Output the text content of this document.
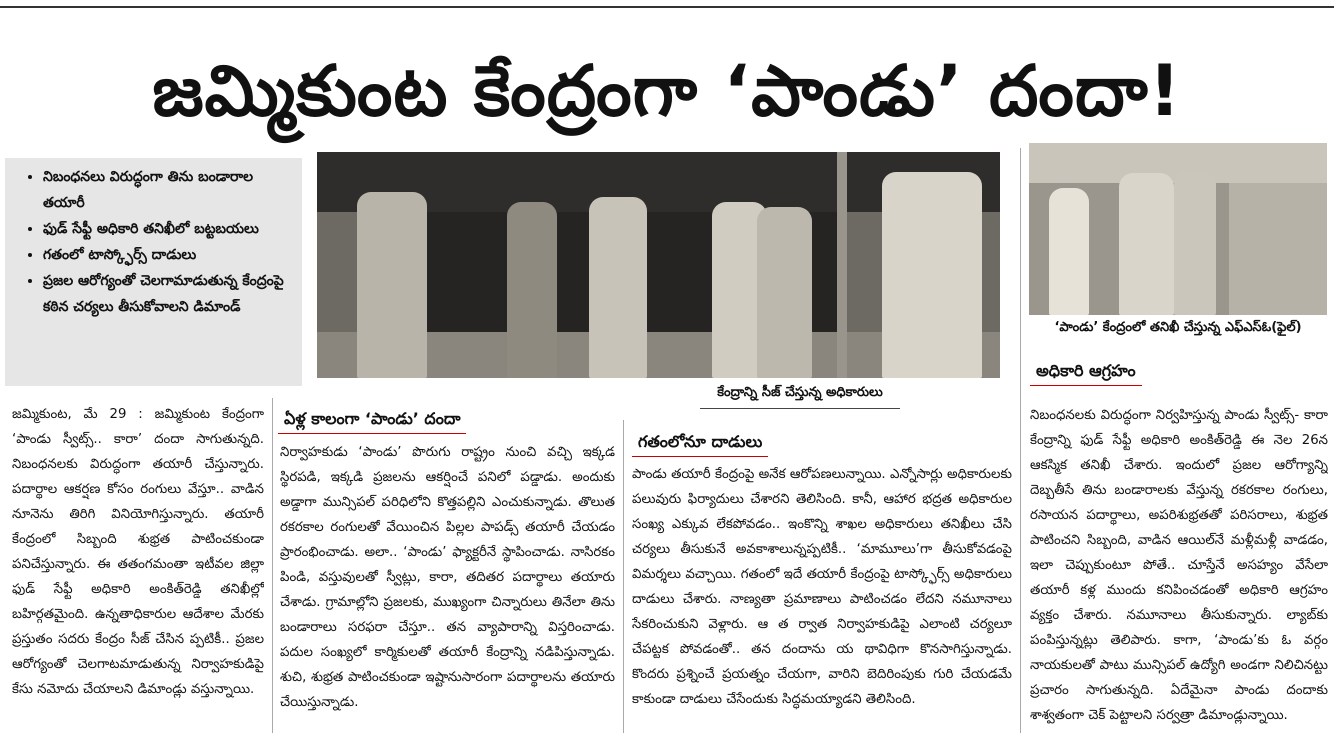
జమ్మికుంట కేంద్రంగా ‘పాండు’ దందా!
• నిబంధనలు విరుద్ధంగా తిను బండారాల తయారీ
• ఫుడ్ సేఫ్టీ అధికారి తనిఖీలో బట్టబయలు
• గతంలో టాస్క్ఫోర్స్ దాడులు
• ప్రజల ఆరోగ్యంతో చెలగామాడుతున్న కేంద్రంపై కఠిన చర్యలు తీసుకోవాలని డిమాండ్
కేంద్రాన్ని సీజ్ చేస్తున్న అధికారులు
‘పాండు’ కేంద్రంలో తనిఖీ చేస్తున్న ఎఫ్ఎస్ఓ(ఫైల్)
ఏళ్ల కాలంగా ‘పాండు’ దందా
గతంలోనూ దాడులు
అధికారి ఆగ్రహం

జమ్మికుంట, మే 29 : జమ్మికుంట కేంద్రంగా ‘పాండు స్వీట్స్.. కారా’ దందా సాగుతున్నది. నిబంధనలకు విరుద్ధంగా తయారీ చేస్తున్నారు. పదార్థాల ఆకర్షణ కోసం రంగులు వేస్తూ.. వాడిన నూనెను తిరిగి వినియోగిస్తున్నారు. తయారీ కేంద్రంలో సిబ్బంది శుభ్రత పాటించకుండా పనిచేస్తున్నారు. ఈ తతంగమంతా ఇటీవల జిల్లా ఫుడ్ సేఫ్టీ అధికారి అంకిత్‌రెడ్డి తనిఖీల్లో బహిర్గతమైంది. ఉన్నతాధికారుల ఆదేశాల మేరకు ప్రస్తుతం సదరు కేంద్రం సీజ్ చేసిన ప్పటికీ.. ప్రజల ఆరోగ్యంతో చెలగాటమాడుతున్న నిర్వాహకుడిపై కేసు నమోదు చేయాలని డిమాండ్లు వస్తున్నాయి.

నిర్వాహకుడు ‘పాండు’ పొరుగు రాష్ట్రం నుంచి వచ్చి ఇక్కడ స్థిరపడి, ఇక్కడి ప్రజలను ఆకర్షించే పనిలో పడ్డాడు. అందుకు అడ్డాగా మున్సిపల్ పరిధిలోని కొత్తపల్లిని ఎంచుకున్నాడు. తొలుత రకరకాల రంగులతో వేయించిన పిల్లల పాపడ్స్ తయారీ చేయడం ప్రారంభించాడు. అలా.. ‘పాండు’ ఫ్యాక్టరీనే స్థాపించాడు. నాసిరకం పిండి, వస్తువులతో స్వీట్లు, కారా, తదితర పదార్థాలు తయారు చేశాడు. గ్రామాల్లోని ప్రజలకు, ముఖ్యంగా చిన్నారులు తినేలా తిను బండారాలు సరఫరా చేస్తూ.. తన వ్యాపారాన్ని విస్తరించాడు. పదుల సంఖ్యలో కార్మికులతో తయారీ కేంద్రాన్ని నడిపిస్తున్నాడు. శుచి, శుభ్రత పాటించకుండా ఇష్టానుసారంగా పదార్థాలను తయారు చేయిస్తున్నాడు.

పాండు తయారీ కేంద్రంపై అనేక ఆరోపణలున్నాయి. ఎన్నోసార్లు అధికారులకు పలువురు ఫిర్యాదులు చేశారని తెలిసింది. కానీ, ఆహార భద్రత అధికారుల సంఖ్య ఎక్కువ లేకపోవడం.. ఇంకొన్ని శాఖల అధికారులు తనిఖీలు చేసి చర్యలు తీసుకునే అవకాశాలున్నప్పటికీ.. ‘మామూలు’గా తీసుకోవడంపై విమర్శలు వచ్చాయి. గతంలో ఇదే తయారీ కేంద్రంపై టాస్క్ఫోర్స్ అధికారులు దాడులు చేశారు. నాణ్యతా ప్రమాణాలు పాటించడం లేదని నమూనాలు సేకరించుకుని వెళ్లారు. ఆ త ర్వాత నిర్వాహకుడిపై ఎలాంటి చర్యలూ చేపట్టక పోవడంతో.. తన దందాను య థావిధిగా కొనసాగిస్తున్నాడు. కొందరు ప్రశ్నించే ప్రయత్నం చేయగా, వారిని బెదిరింపుకు గురి చేయడమే కాకుండా దాడులు చేసేందుకు సిద్ధమయ్యాడని తెలిసింది.

నిబంధనలకు విరుద్ధంగా నిర్వహిస్తున్న పాండు స్వీట్స్- కారా కేంద్రాన్ని ఫుడ్ సేఫ్టీ అధికారి అంకిత్‌రెడ్డి ఈ నెల 26న ఆకస్మిక తనిఖీ చేశారు. ఇందులో ప్రజల ఆరోగ్యాన్ని దెబ్బతీసే తిను బండారాలకు వేస్తున్న రకరకాల రంగులు, రసాయన పదార్థాలు, అపరిశుభ్రతతో పరిసరాలు, శుభ్రత పాటించని సిబ్బంది, వాడిన ఆయిల్‌నే మళ్లీమళ్లీ వాడడం, ఇలా చెప్పుకుంటూ పోతే.. చూస్తేనే అసహ్యం వేసేలా తయారీ కళ్ల ముందు కనిపించడంతో అధికారి ఆగ్రహం వ్యక్తం చేశారు. నమూనాలు తీసుకున్నారు. ల్యాబ్‌కు పంపిస్తున్నట్లు తెలిపారు. కాగా, ‘పాండు’కు ఓ వర్గం నాయకులతో పాటు మున్సిపల్ ఉద్యోగి అండగా నిలిచినట్టు ప్రచారం సాగుతున్నది. ఏదేమైనా పాండు దందాకు శాశ్వతంగా చెక్ పెట్టాలని సర్వత్రా డిమాండ్లున్నాయి.
